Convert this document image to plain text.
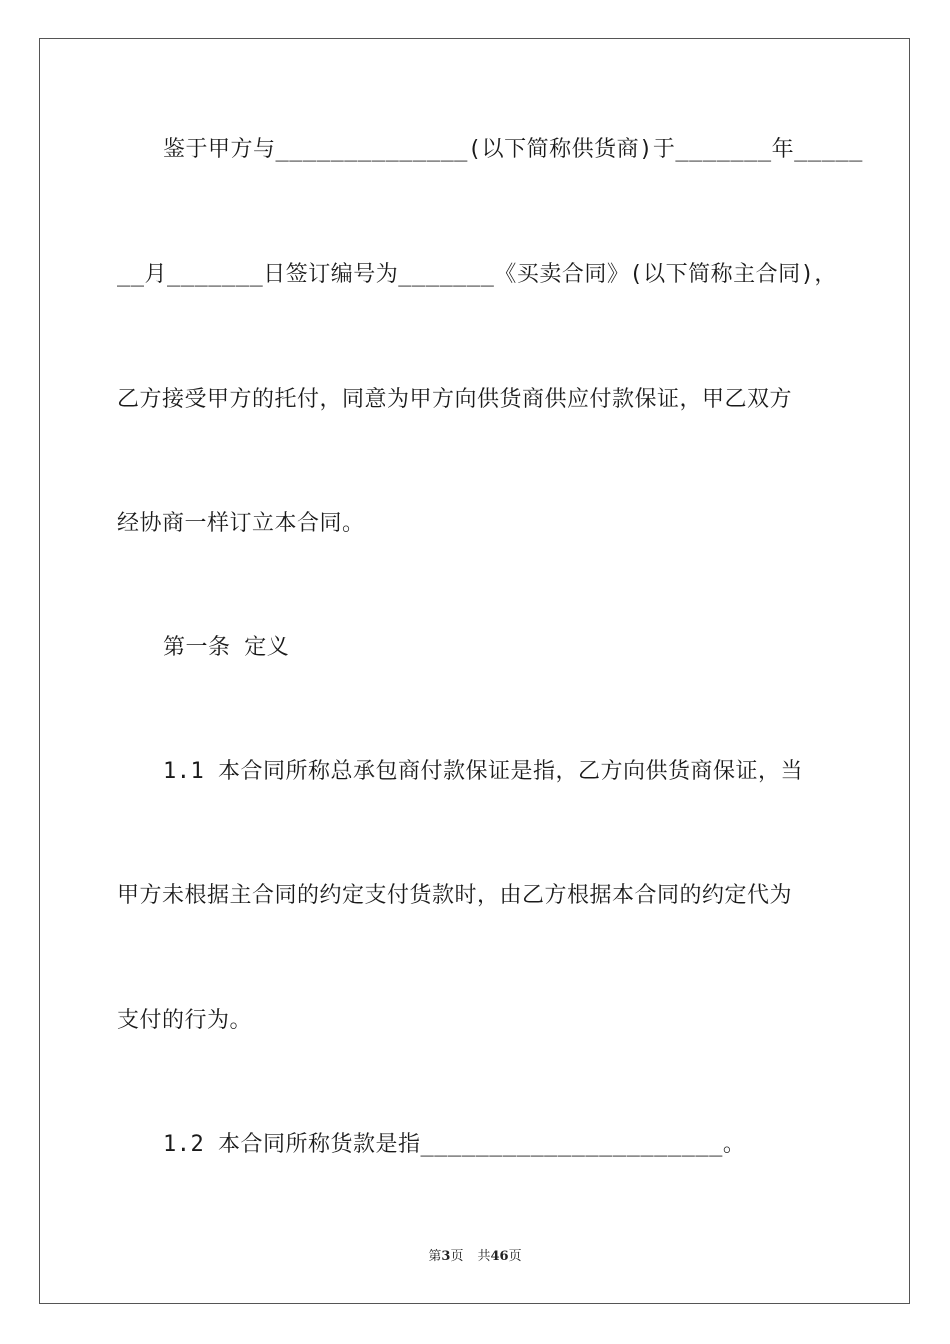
鉴于甲方与______________(以下简称供货商)于_______年_____
__月_______日签订编号为_______《买卖合同》(以下简称主合同)，
乙方接受甲方的托付，同意为甲方向供货商供应付款保证，甲乙双方
经协商一样订立本合同。
第一条 定义
1.1 本合同所称总承包商付款保证是指，乙方向供货商保证，当
甲方未根据主合同的约定支付货款时，由乙方根据本合同的约定代为
支付的行为。
1.2 本合同所称货款是指______________________。
第3页 共46页
